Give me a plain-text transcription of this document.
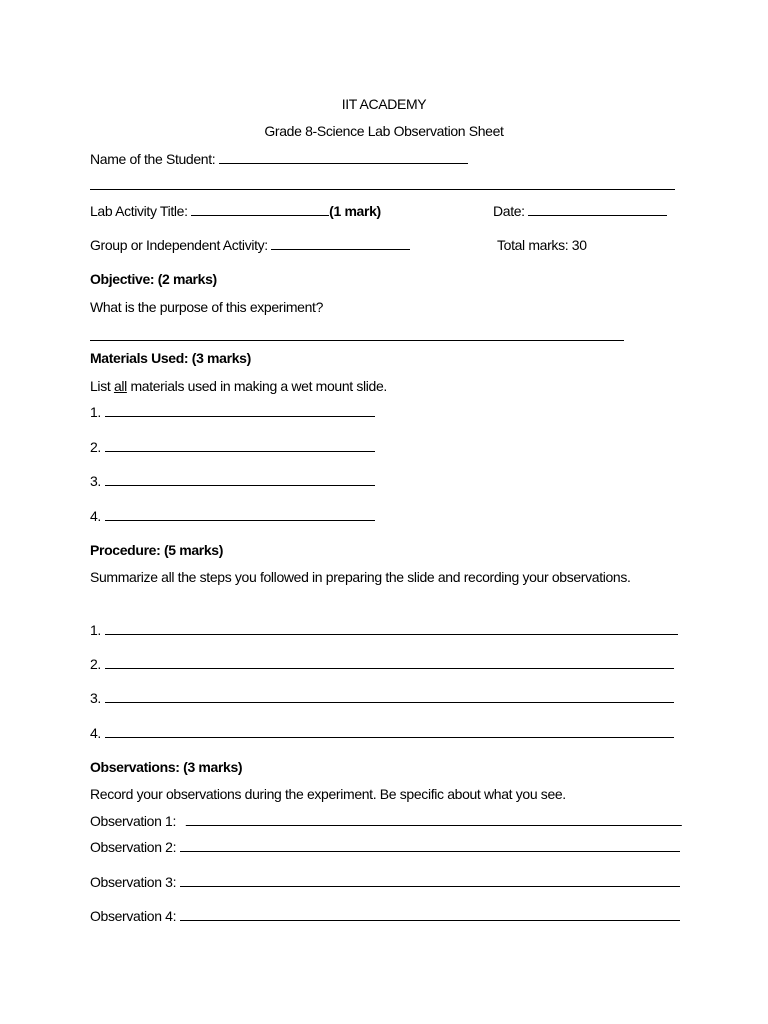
IIT ACADEMY
Grade 8-Science Lab Observation Sheet
Name of the Student:
Lab Activity Title:	(1 mark)	Date:
Group or Independent Activity:	Total marks: 30
Objective: (2 marks)
What is the purpose of this experiment?
Materials Used: (3 marks)
List all materials used in making a wet mount slide.
1.
2.
3.
4.
Procedure: (5 marks)
Summarize all the steps you followed in preparing the slide and recording your observations.
1.
2.
3.
4.
Observations: (3 marks)
Record your observations during the experiment. Be specific about what you see.
Observation 1:
Observation 2:
Observation 3:
Observation 4:
